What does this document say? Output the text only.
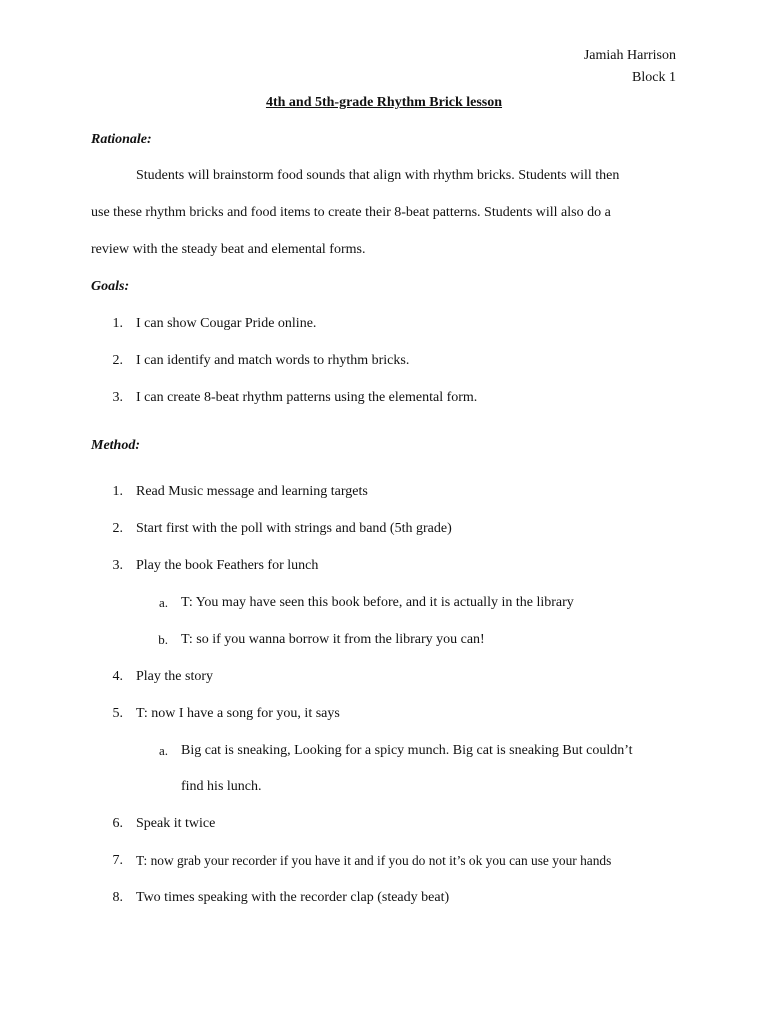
Jamiah Harrison
Block 1
4th and 5th-grade Rhythm Brick lesson
Rationale:
Students will brainstorm food sounds that align with rhythm bricks. Students will then
use these rhythm bricks and food items to create their 8-beat patterns. Students will also do a
review with the steady beat and elemental forms.
Goals:
1. I can show Cougar Pride online.
2. I can identify and match words to rhythm bricks.
3. I can create 8-beat rhythm patterns using the elemental form.
Method:
1. Read Music message and learning targets
2. Start first with the poll with strings and band (5th grade)
3. Play the book Feathers for lunch
a. T: You may have seen this book before, and it is actually in the library
b. T: so if you wanna borrow it from the library you can!
4. Play the story
5. T: now I have a song for you, it says
a. Big cat is sneaking, Looking for a spicy munch. Big cat is sneaking But couldn’t
find his lunch.
6. Speak it twice
7. T: now grab your recorder if you have it and if you do not it’s ok you can use your hands
8. Two times speaking with the recorder clap (steady beat)
